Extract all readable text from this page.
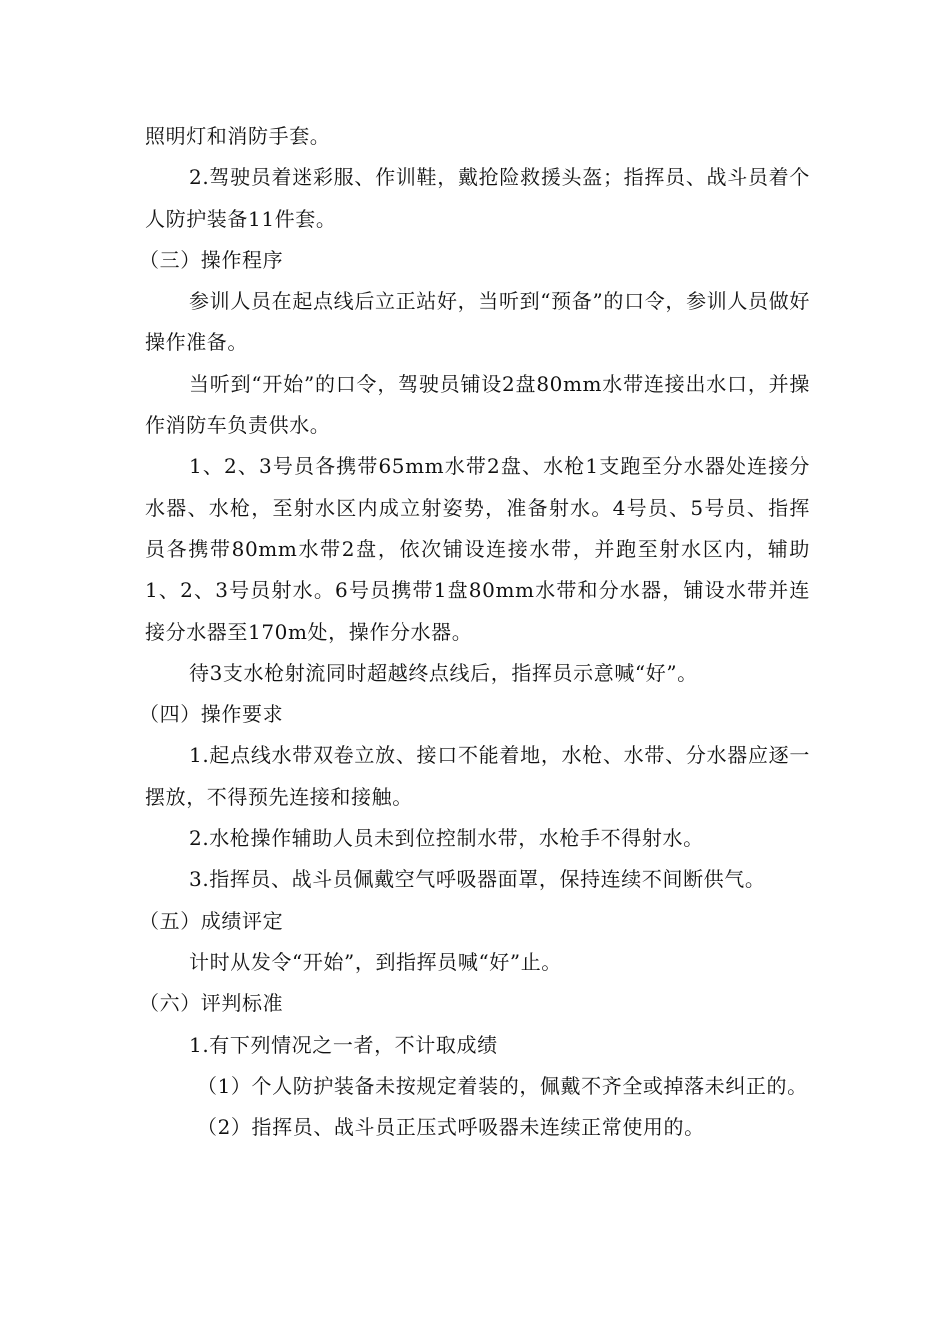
照明灯和消防手套。

2.驾驶员着迷彩服、作训鞋，戴抢险救援头盔；指挥员、战斗员着个人防护装备11件套。

（三）操作程序

参训人员在起点线后立正站好，当听到“预备”的口令，参训人员做好操作准备。

当听到“开始”的口令，驾驶员铺设2盘80mm水带连接出水口，并操作消防车负责供水。

1、2、3号员各携带65mm水带2盘、水枪1支跑至分水器处连接分水器、水枪，至射水区内成立射姿势，准备射水。4号员、5号员、指挥员各携带80mm水带2盘，依次铺设连接水带，并跑至射水区内，辅助1、2、3号员射水。6号员携带1盘80mm水带和分水器，铺设水带并连接分水器至170m处，操作分水器。

待3支水枪射流同时超越终点线后，指挥员示意喊“好”。

（四）操作要求

1.起点线水带双卷立放、接口不能着地，水枪、水带、分水器应逐一摆放，不得预先连接和接触。

2.水枪操作辅助人员未到位控制水带，水枪手不得射水。

3.指挥员、战斗员佩戴空气呼吸器面罩，保持连续不间断供气。

（五）成绩评定

计时从发令“开始”，到指挥员喊“好”止。

（六）评判标准

1.有下列情况之一者，不计取成绩

（1）个人防护装备未按规定着装的，佩戴不齐全或掉落未纠正的。

（2）指挥员、战斗员正压式呼吸器未连续正常使用的。
